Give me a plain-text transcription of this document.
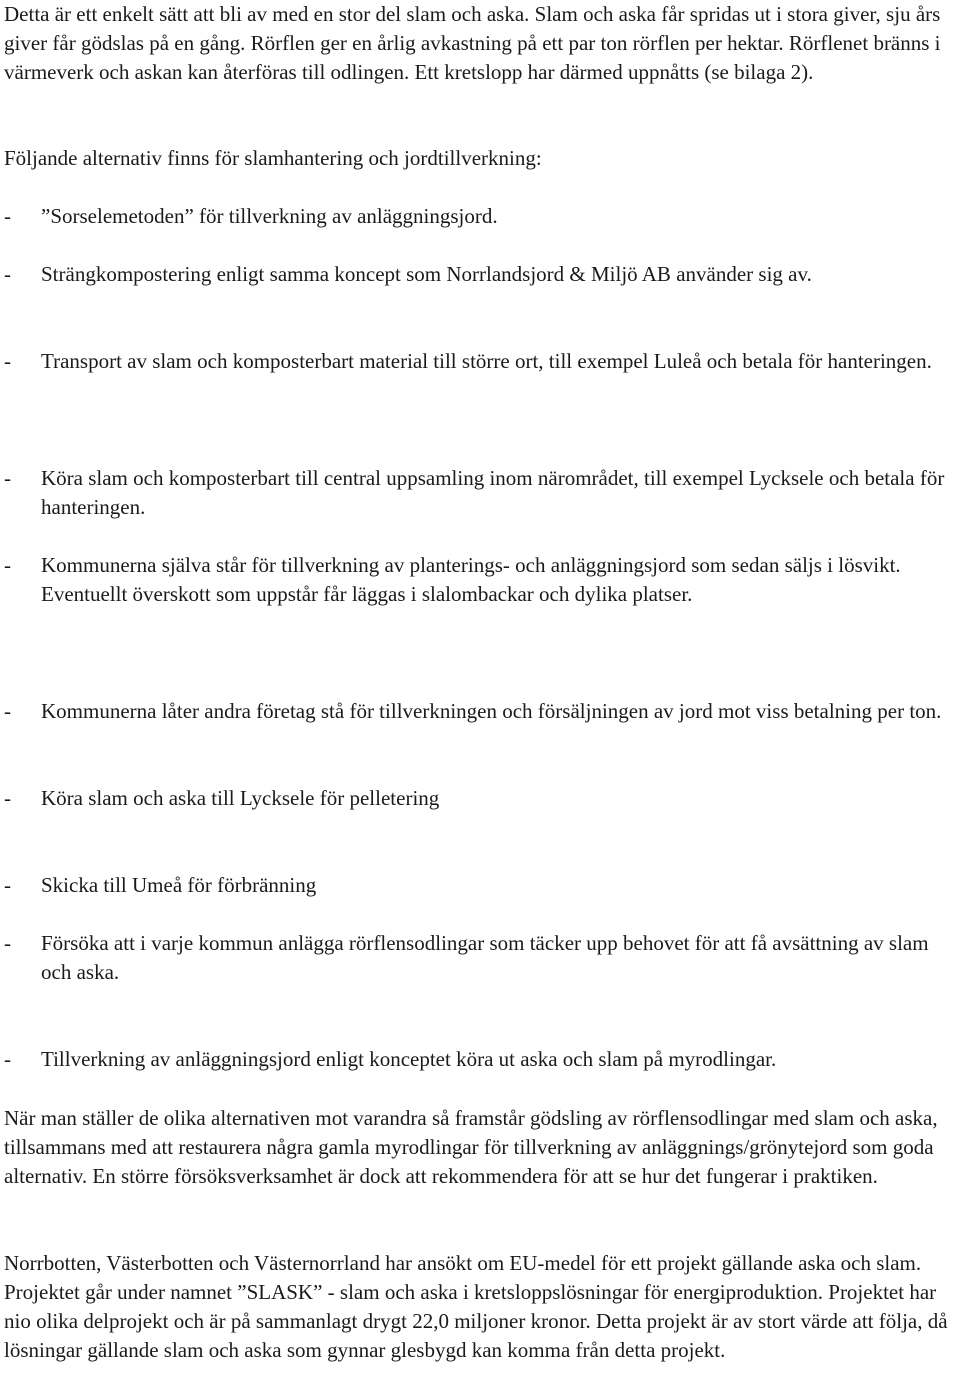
Detta är ett enkelt sätt att bli av med en stor del slam och aska. Slam och aska får spridas ut i stora giver, sju års giver får gödslas på en gång. Rörflen ger en årlig avkastning på ett par ton rörflen per hektar. Rörflenet bränns i värmeverk och askan kan återföras till odlingen. Ett kretslopp har därmed uppnåtts (se bilaga 2).

Följande alternativ finns för slamhantering och jordtillverkning:

- ”Sorselemetoden” för tillverkning av anläggningsjord.
- Strängkompostering enligt samma koncept som Norrlandsjord & Miljö AB använder sig av.
- Transport av slam och komposterbart material till större ort, till exempel Luleå och betala för hanteringen.
- Köra slam och komposterbart till central uppsamling inom närområdet, till exempel Lycksele och betala för hanteringen.
- Kommunerna själva står för tillverkning av planterings- och anläggningsjord som sedan säljs i lösvikt. Eventuellt överskott som uppstår får läggas i slalombackar och dylika platser.
- Kommunerna låter andra företag stå för tillverkningen och försäljningen av jord mot viss betalning per ton.
- Köra slam och aska till Lycksele för pelletering
- Skicka till Umeå för förbränning
- Försöka att i varje kommun anlägga rörflensodlingar som täcker upp behovet för att få avsättning av slam och aska.
- Tillverkning av anläggningsjord enligt konceptet köra ut aska och slam på myrodlingar.

När man ställer de olika alternativen mot varandra så framstår gödsling av rörflensodlingar med slam och aska, tillsammans med att restaurera några gamla myrodlingar för tillverkning av anläggnings/grönytejord som goda alternativ. En större försöksverksamhet är dock att rekommendera för att se hur det fungerar i praktiken.

Norrbotten, Västerbotten och Västernorrland har ansökt om EU-medel för ett projekt gällande aska och slam. Projektet går under namnet ”SLASK” - slam och aska i kretsloppslösningar för energiproduktion. Projektet har nio olika delprojekt och är på sammanlagt drygt 22,0 miljoner kronor. Detta projekt är av stort värde att följa, då lösningar gällande slam och aska som gynnar glesbygd kan komma från detta projekt.
